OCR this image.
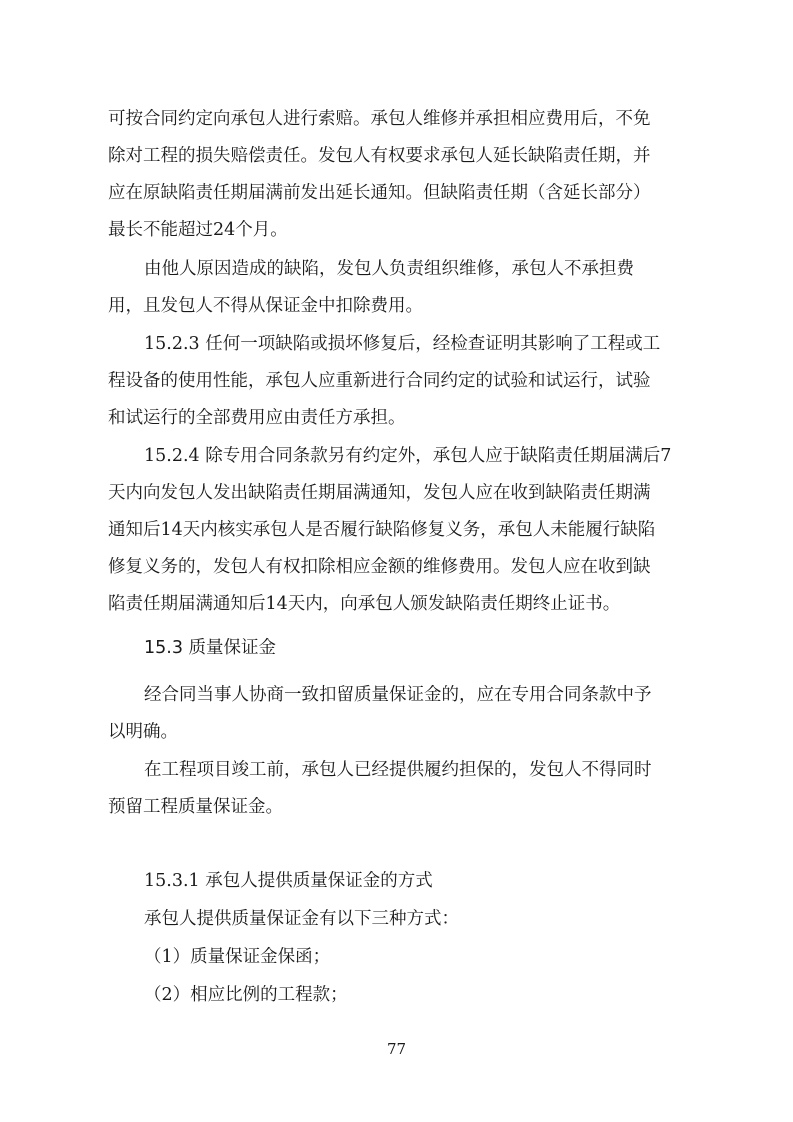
可按合同约定向承包人进行索赔。承包人维修并承担相应费用后，不免
除对工程的损失赔偿责任。发包人有权要求承包人延长缺陷责任期，并
应在原缺陷责任期届满前发出延长通知。但缺陷责任期（含延长部分）
最长不能超过24个月。
由他人原因造成的缺陷，发包人负责组织维修，承包人不承担费
用，且发包人不得从保证金中扣除费用。
15.2.3 任何一项缺陷或损坏修复后，经检查证明其影响了工程或工
程设备的使用性能，承包人应重新进行合同约定的试验和试运行，试验
和试运行的全部费用应由责任方承担。
15.2.4 除专用合同条款另有约定外，承包人应于缺陷责任期届满后7
天内向发包人发出缺陷责任期届满通知，发包人应在收到缺陷责任期满
通知后14天内核实承包人是否履行缺陷修复义务，承包人未能履行缺陷
修复义务的，发包人有权扣除相应金额的维修费用。发包人应在收到缺
陷责任期届满通知后14天内，向承包人颁发缺陷责任期终止证书。
15.3 质量保证金
经合同当事人协商一致扣留质量保证金的，应在专用合同条款中予
以明确。
在工程项目竣工前，承包人已经提供履约担保的，发包人不得同时
预留工程质量保证金。
15.3.1 承包人提供质量保证金的方式
承包人提供质量保证金有以下三种方式：
（1）质量保证金保函；
（2）相应比例的工程款；
77
